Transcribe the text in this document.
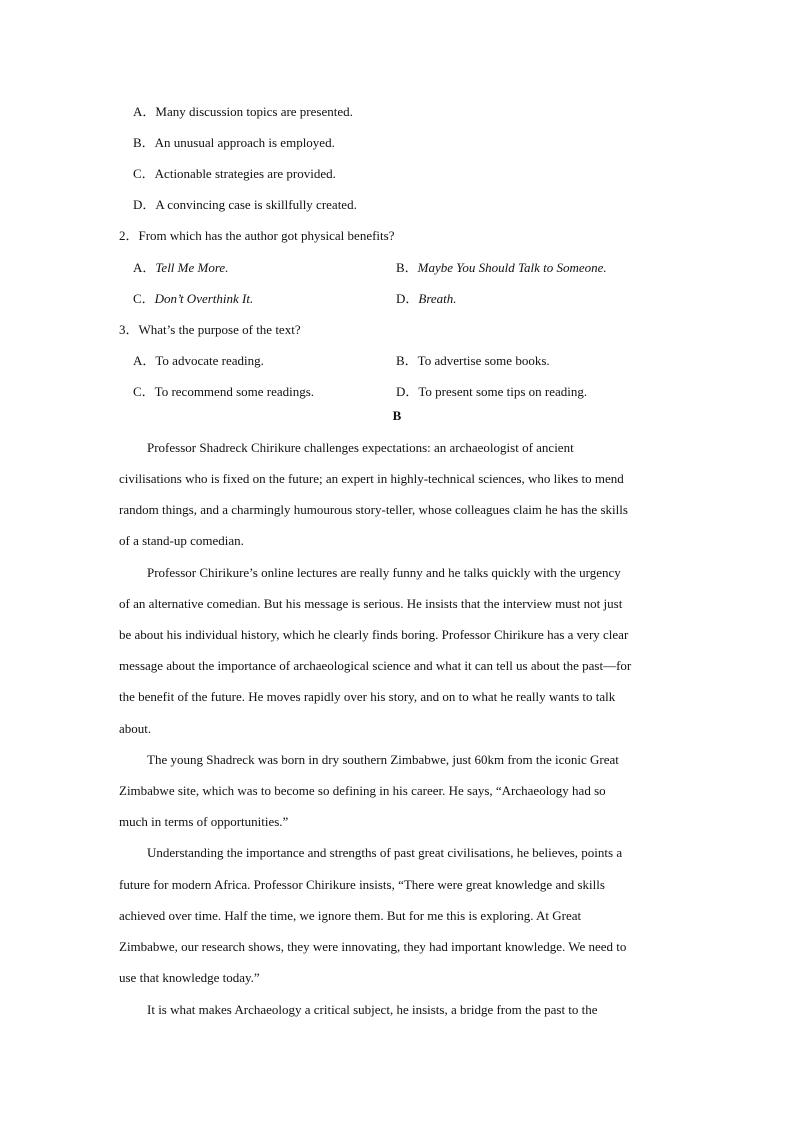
A．Many discussion topics are presented.
B．An unusual approach is employed.
C．Actionable strategies are provided.
D．A convincing case is skillfully created.
2．From which has the author got physical benefits?
A．Tell Me More.	B．Maybe You Should Talk to Someone.
C．Don’t Overthink It.	D．Breath.
3．What’s the purpose of the text?
A．To advocate reading.	B．To advertise some books.
C．To recommend some readings.	D．To present some tips on reading.
B
Professor Shadreck Chirikure challenges expectations: an archaeologist of ancient
civilisations who is fixed on the future; an expert in highly-technical sciences, who likes to mend
random things, and a charmingly humourous story-teller, whose colleagues claim he has the skills
of a stand-up comedian.
Professor Chirikure’s online lectures are really funny and he talks quickly with the urgency
of an alternative comedian. But his message is serious. He insists that the interview must not just
be about his individual history, which he clearly finds boring. Professor Chirikure has a very clear
message about the importance of archaeological science and what it can tell us about the past—for
the benefit of the future. He moves rapidly over his story, and on to what he really wants to talk
about.
The young Shadreck was born in dry southern Zimbabwe, just 60km from the iconic Great
Zimbabwe site, which was to become so defining in his career. He says, “Archaeology had so
much in terms of opportunities.”
Understanding the importance and strengths of past great civilisations, he believes, points a
future for modern Africa. Professor Chirikure insists, “There were great knowledge and skills
achieved over time. Half the time, we ignore them. But for me this is exploring. At Great
Zimbabwe, our research shows, they were innovating, they had important knowledge. We need to
use that knowledge today.”
It is what makes Archaeology a critical subject, he insists, a bridge from the past to the
